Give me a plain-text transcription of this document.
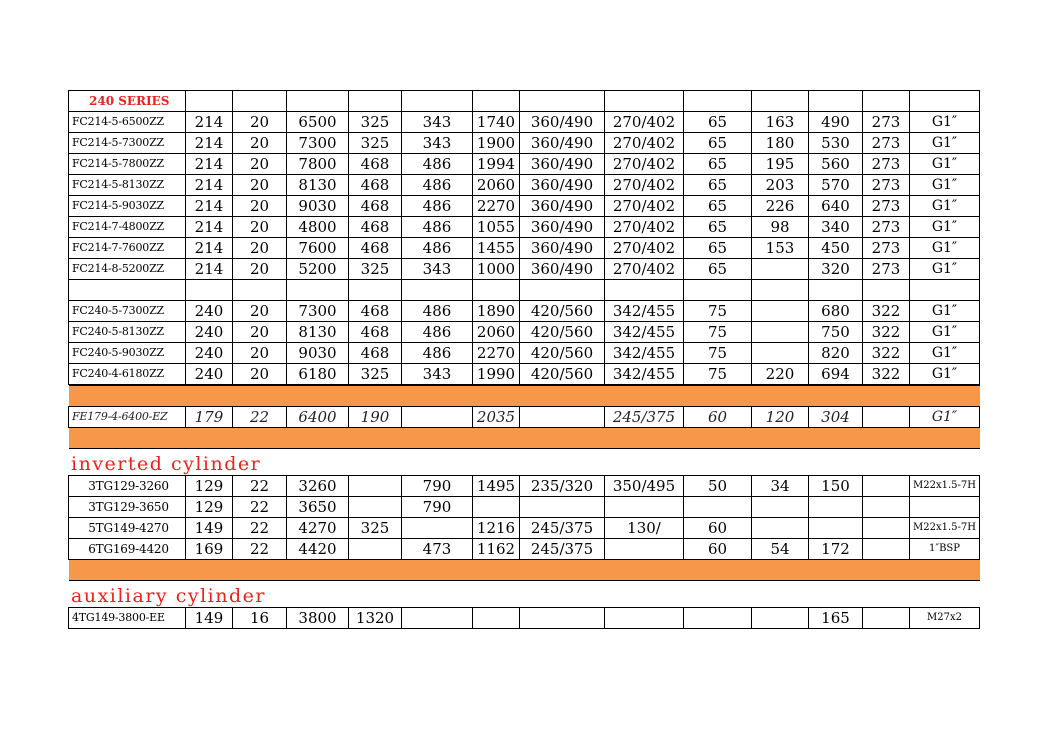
240 SERIES													
FC214-5-6500ZZ	214	20	6500	325	343	1740	360/490	270/402	65	163	490	273	G1″
FC214-5-7300ZZ	214	20	7300	325	343	1900	360/490	270/402	65	180	530	273	G1″
FC214-5-7800ZZ	214	20	7800	468	486	1994	360/490	270/402	65	195	560	273	G1″
FC214-5-8130ZZ	214	20	8130	468	486	2060	360/490	270/402	65	203	570	273	G1″
FC214-5-9030ZZ	214	20	9030	468	486	2270	360/490	270/402	65	226	640	273	G1″
FC214-7-4800ZZ	214	20	4800	468	486	1055	360/490	270/402	65	98	340	273	G1″
FC214-7-7600ZZ	214	20	7600	468	486	1455	360/490	270/402	65	153	450	273	G1″
FC214-8-5200ZZ	214	20	5200	325	343	1000	360/490	270/402	65		320	273	G1″

FC240-5-7300ZZ	240	20	7300	468	486	1890	420/560	342/455	75		680	322	G1″
FC240-5-8130ZZ	240	20	8130	468	486	2060	420/560	342/455	75		750	322	G1″
FC240-5-9030ZZ	240	20	9030	468	486	2270	420/560	342/455	75		820	322	G1″
FC240-4-6180ZZ	240	20	6180	325	343	1990	420/560	342/455	75	220	694	322	G1″

FE179-4-6400-EZ	179	22	6400	190		2035		245/375	60	120	304		G1″

inverted cylinder
3TG129-3260	129	22	3260		790	1495	235/320	350/495	50	34	150		M22x1.5-7H
3TG129-3650	129	22	3650		790								
5TG149-4270	149	22	4270	325		1216	245/375	130/	60				M22x1.5-7H
6TG169-4420	169	22	4420		473	1162	245/375		60	54	172		1″BSP

auxiliary cylinder
4TG149-3800-EE	149	16	3800	1320							165		M27x2
